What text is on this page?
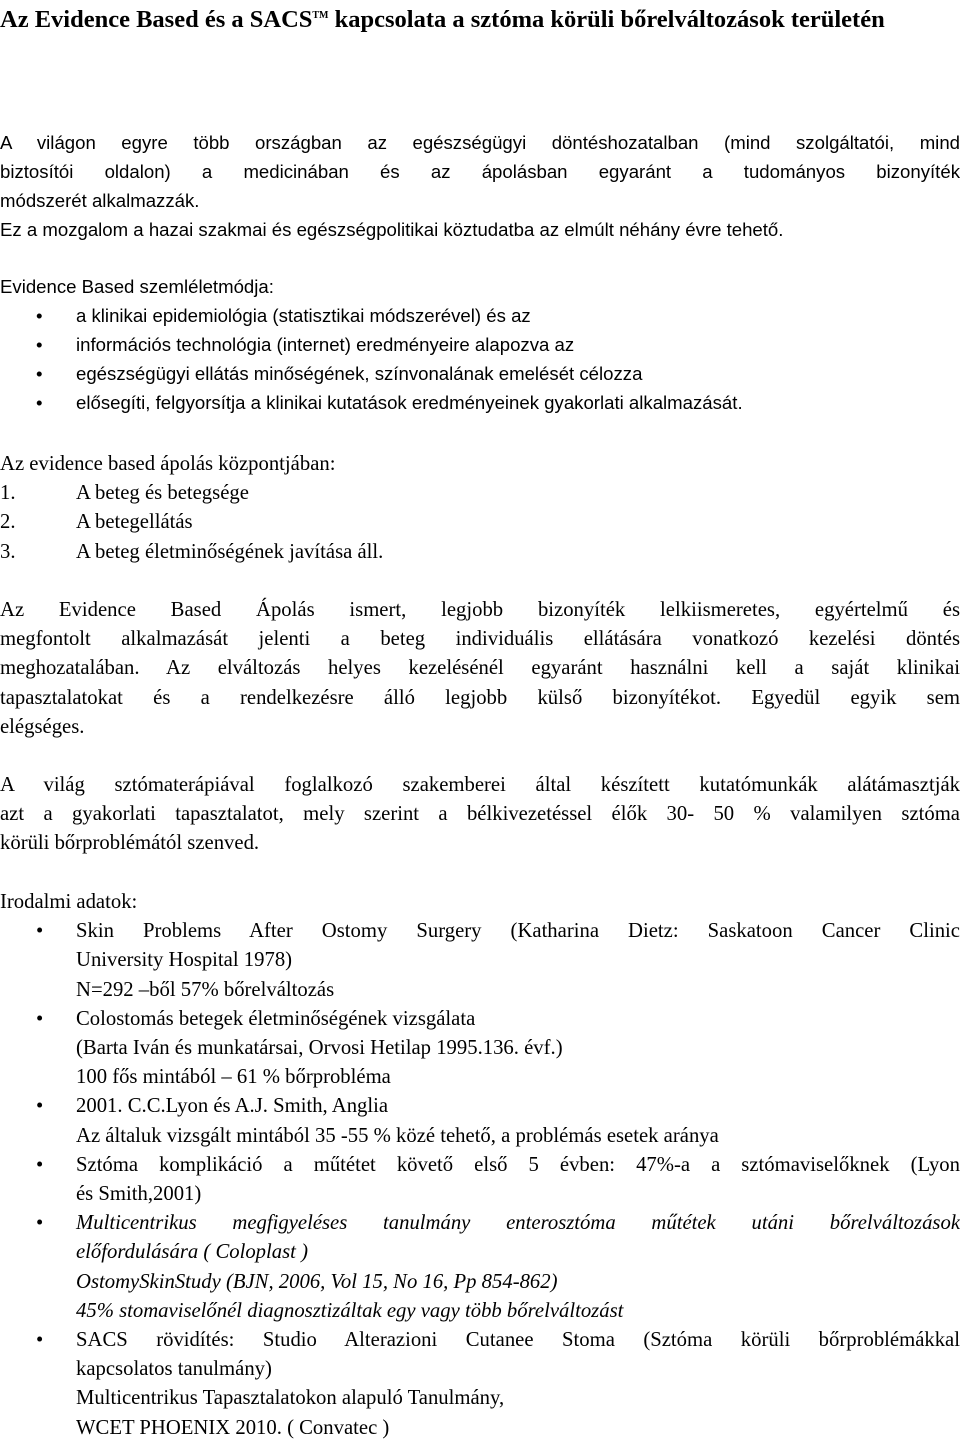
Az Evidence Based és a SACS™ kapcsolata a sztóma körüli bőrelváltozások területén
A világon egyre több országban az egészségügyi döntéshozatalban (mind szolgáltatói, mind
biztosítói oldalon) a medicinában és az ápolásban egyaránt a tudományos bizonyíték
módszerét alkalmazzák.
Ez a mozgalom a hazai szakmai és egészségpolitikai köztudatba az elmúlt néhány évre tehető.
Evidence Based szemléletmódja:
• a klinikai epidemiológia (statisztikai módszerével) és az
• információs technológia (internet) eredményeire alapozva az
• egészségügyi ellátás minőségének, színvonalának emelését célozza
• elősegíti, felgyorsítja a klinikai kutatások eredményeinek gyakorlati alkalmazását.
Az evidence based ápolás központjában:
1.	A beteg és betegsége
2.	A betegellátás
3.	A beteg életminőségének javítása áll.
Az Evidence Based Ápolás ismert, legjobb bizonyíték lelkiismeretes, egyértelmű és
megfontolt alkalmazását jelenti a beteg individuális ellátására vonatkozó kezelési döntés
meghozatalában. Az elváltozás helyes kezelésénél egyaránt használni kell a saját klinikai
tapasztalatokat és a rendelkezésre álló legjobb külső bizonyítékot. Egyedül egyik sem
elégséges.
A világ sztómaterápiával foglalkozó szakemberei által készített kutatómunkák alátámasztják
azt a gyakorlati tapasztalatot, mely szerint a bélkivezetéssel élők 30- 50 % valamilyen sztóma
körüli bőrproblémától szenved.
Irodalmi adatok:
• Skin Problems After Ostomy Surgery (Katharina Dietz: Saskatoon Cancer Clinic
University Hospital 1978)
N=292 –ből 57% bőrelváltozás
• Colostomás betegek életminőségének vizsgálata
(Barta Iván és munkatársai, Orvosi Hetilap 1995.136. évf.)
100 fős mintából – 61 % bőrprobléma
• 2001. C.C.Lyon és A.J. Smith, Anglia
Az általuk vizsgált mintából 35 -55 % közé tehető, a problémás esetek aránya
• Sztóma komplikáció a műtétet követő első 5 évben: 47%-a a sztómaviselőknek (Lyon
és Smith,2001)
• Multicentrikus megfigyeléses tanulmány enterosztóma műtétek utáni bőrelváltozások
előfordulására ( Coloplast )
OstomySkinStudy (BJN, 2006, Vol 15, No 16, Pp 854-862)
45% stomaviselőnél diagnosztizáltak egy vagy több bőrelváltozást
• SACS rövidítés: Studio Alterazioni Cutanee Stoma (Sztóma körüli bőrproblémákkal
kapcsolatos tanulmány)
Multicentrikus Tapasztalatokon alapuló Tanulmány,
WCET PHOENIX 2010. ( Convatec )
